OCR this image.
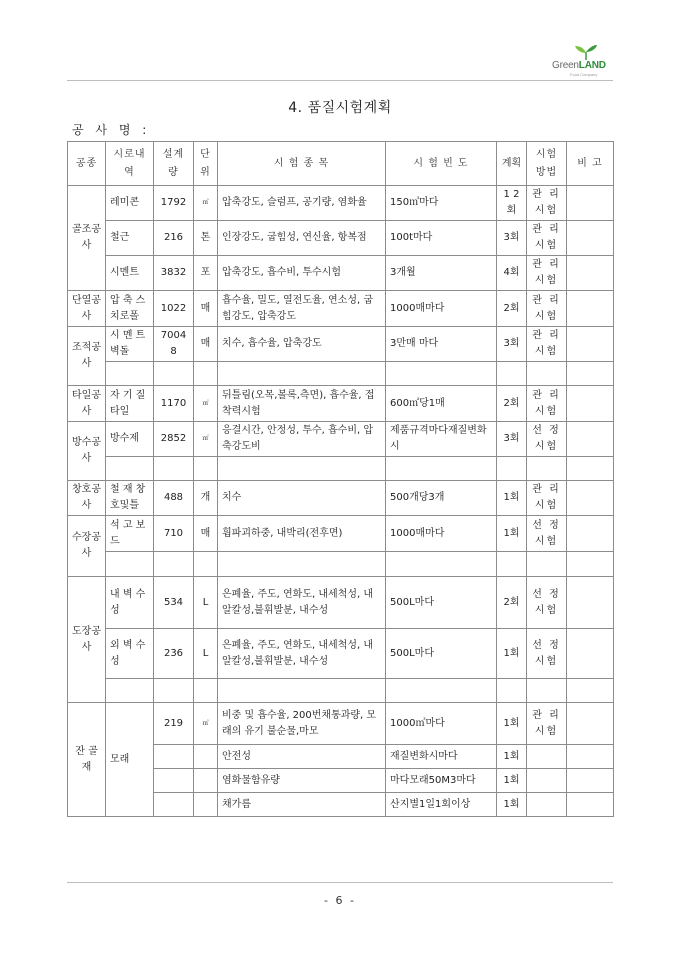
GreenLAND
Food Company
4. 품질시험계획
공 사 명 :
공종	시로내역	설계량	단위	시 험 종 목	시 험 빈 도	계획	시험방법	비 고
골조공사	레미콘	1792	㎥	압축강도, 슬럼프, 공기량, 염화율	150㎥마다	1 2 회	관 리 시험	
	철근	216	톤	인장강도, 굽힘성, 연신율, 항복점	100t마다	3회	관 리 시험	
	시멘트	3832	포	압축강도, 흡수비, 투수시험	3개월	4회	관 리 시험	
단열공사	압 축 스 치로폴	1022	매	흡수율, 밀도, 열전도율, 연소성, 굽힘강도, 압축강도	1000매마다	2회	관 리 시험	
조적공사	시 멘 트 벽돌	70048	매	치수, 흡수율, 압축강도	3만매 마다	3회	관 리 시험	

타일공사	자 기 질 타일	1170	㎡	뒤틀림(오목,볼록,측면), 흡수율, 접착력시험	600㎡당1매	2회	관 리 시험	
방수공사	방수제	2852	㎡	응결시간, 안정성, 투수, 흡수비, 압축강도비	제품규격마다재질변화시	3회	선 정 시험	

창호공사	철 재 창 호및틀	488	개	치수	500개당3개	1회	관 리 시험	
수장공사	석 고 보 드	710	매	휨파괴하중, 내박리(전후면)	1000매마다	1회	선 정 시험	

도장공사	내 벽 수 성	534	L	은폐율, 주도, 연화도, 내세척성, 내알칼성,불휘발분, 내수성	500L마다	2회	선 정 시험	
	외 벽 수 성	236	L	은폐율, 주도, 연화도, 내세척성, 내알칼성,불휘발분, 내수성	500L마다	1회	선 정 시험	

잔 골 재	모래	219	㎥	비중 및 흡수율, 200번채통과량, 모래의 유기 불순물,마모	1000㎥마다	1회	관 리 시험	
				안전성	재질변화시마다	1회		
				염화물함유량	마다모래50M3마다	1회		
				채가름	산지별1일1회이상	1회		
- 6 -
